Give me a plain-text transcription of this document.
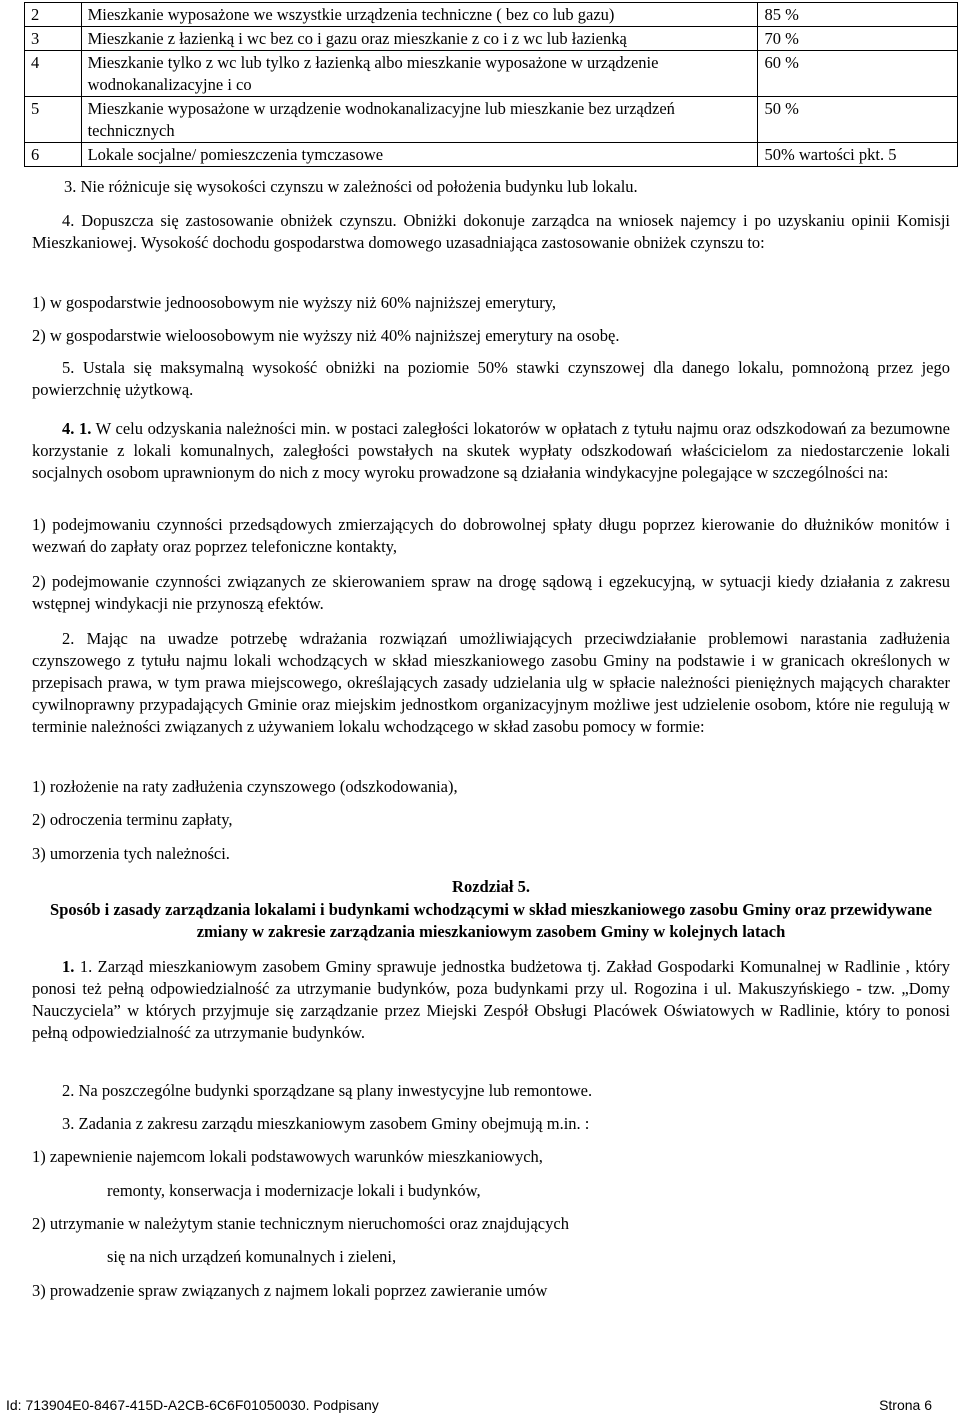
2	Mieszkanie wyposażone we wszystkie urządzenia techniczne ( bez co lub gazu)	85 %
3	Mieszkanie z łazienką i wc bez co i gazu oraz mieszkanie z co i z wc lub łazienką	70 %
4	Mieszkanie tylko z wc lub tylko z łazienką albo mieszkanie wyposażone w urządzenie wodnokanalizacyjne i co	60 %
5	Mieszkanie wyposażone w urządzenie wodnokanalizacyjne lub mieszkanie bez urządzeń technicznych	50 %
6	Lokale socjalne/ pomieszczenia tymczasowe	50% wartości pkt. 5

3. Nie różnicuje się wysokości czynszu w zależności od położenia budynku lub lokalu.

4. Dopuszcza się zastosowanie obniżek czynszu. Obniżki dokonuje zarządca na wniosek najemcy i po uzyskaniu opinii Komisji Mieszkaniowej. Wysokość dochodu gospodarstwa domowego uzasadniająca zastosowanie obniżek czynszu to:

1) w gospodarstwie jednoosobowym nie wyższy niż 60% najniższej emerytury,

2) w gospodarstwie wieloosobowym nie wyższy niż 40% najniższej emerytury na osobę.

5. Ustala się maksymalną wysokość obniżki na poziomie 50% stawki czynszowej dla danego lokalu, pomnożoną przez jego powierzchnię użytkową.

4. 1. W celu odzyskania należności min. w postaci zaległości lokatorów w opłatach z tytułu najmu oraz odszkodowań za bezumowne korzystanie z lokali komunalnych, zaległości powstałych na skutek wypłaty odszkodowań właścicielom za niedostarczenie lokali socjalnych osobom uprawnionym do nich z mocy wyroku prowadzone są działania windykacyjne polegające w szczególności na:

1) podejmowaniu czynności przedsądowych zmierzających do dobrowolnej spłaty długu poprzez kierowanie do dłużników monitów i wezwań do zapłaty oraz poprzez telefoniczne kontakty,

2) podejmowanie czynności związanych ze skierowaniem spraw na drogę sądową i egzekucyjną, w sytuacji kiedy działania z zakresu wstępnej windykacji nie przynoszą efektów.

2. Mając na uwadze potrzebę wdrażania rozwiązań umożliwiających przeciwdziałanie problemowi narastania zadłużenia czynszowego z tytułu najmu lokali wchodzących w skład mieszkaniowego zasobu Gminy na podstawie i w granicach określonych w przepisach prawa, w tym prawa miejscowego, określających zasady udzielania ulg w spłacie należności pieniężnych mających charakter cywilnoprawny przypadających Gminie oraz miejskim jednostkom organizacyjnym możliwe jest udzielenie osobom, które nie regulują w terminie należności związanych z używaniem lokalu wchodzącego w skład zasobu pomocy w formie:

1) rozłożenie na raty zadłużenia czynszowego (odszkodowania),

2) odroczenia terminu zapłaty,

3) umorzenia tych należności.

Rozdział 5.

Sposób i zasady zarządzania lokalami i budynkami wchodzącymi w skład mieszkaniowego zasobu Gminy oraz przewidywane zmiany w zakresie zarządzania mieszkaniowym zasobem Gminy w kolejnych latach

1. 1. Zarząd mieszkaniowym zasobem Gminy sprawuje jednostka budżetowa tj. Zakład Gospodarki Komunalnej w Radlinie , który ponosi też pełną odpowiedzialność za utrzymanie budynków, poza budynkami przy ul. Rogozina i ul. Makuszyńskiego - tzw. „Domy Nauczyciela” w których przyjmuje się zarządzanie przez Miejski Zespół Obsługi Placówek Oświatowych w Radlinie, który to ponosi pełną odpowiedzialność za utrzymanie budynków.

2. Na poszczególne budynki sporządzane są plany inwestycyjne lub remontowe.

3. Zadania z zakresu zarządu mieszkaniowym zasobem Gminy obejmują m.in. :

1) zapewnienie najemcom lokali podstawowych warunków mieszkaniowych,

remonty, konserwacja i modernizacje lokali i budynków,

2) utrzymanie w należytym stanie technicznym nieruchomości oraz znajdujących

się na nich urządzeń komunalnych i zieleni,

3) prowadzenie spraw związanych z najmem lokali poprzez zawieranie umów

Id: 713904E0-8467-415D-A2CB-6C6F01050030. Podpisany	Strona 6
